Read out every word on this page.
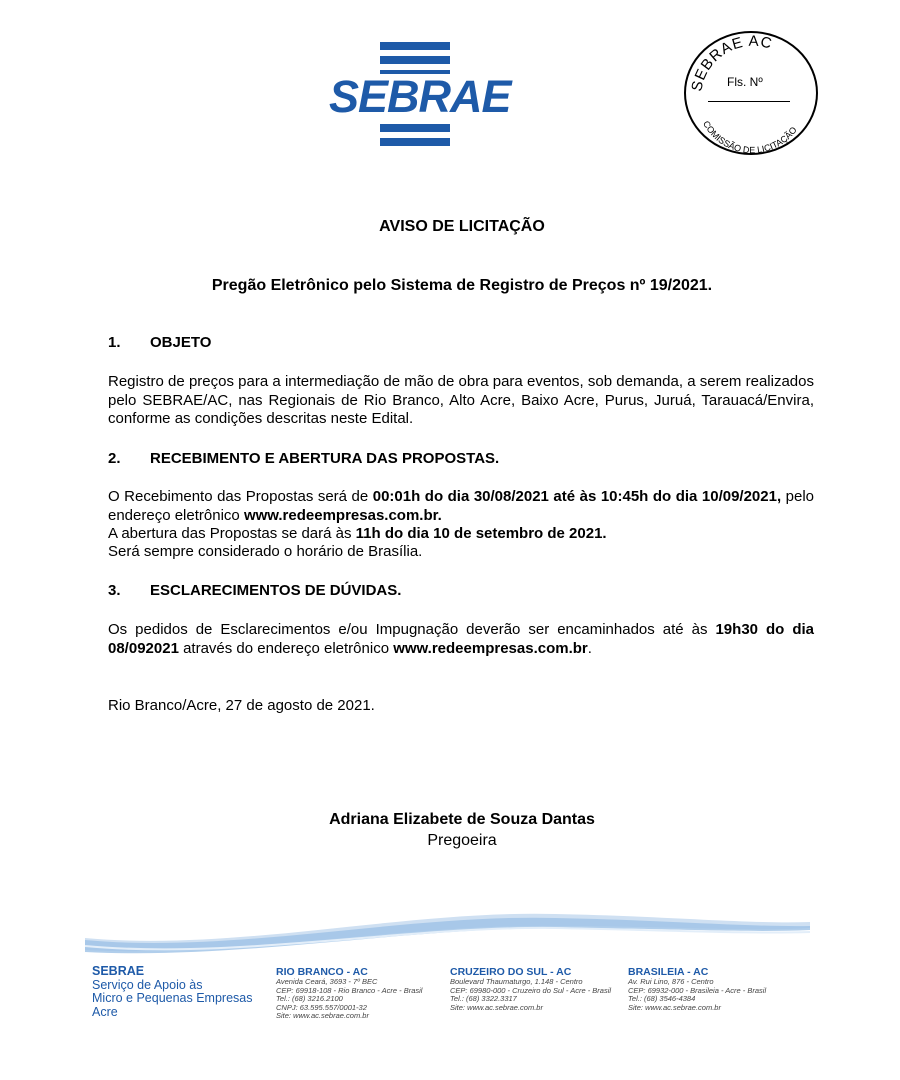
SEBRAE	SEBRAE AC
COMISSÃO DE LICITAÇÃO
Fls. Nº
AVISO DE LICITAÇÃO
Pregão Eletrônico pelo Sistema de Registro de Preços nº 19/2021.
1. OBJETO
Registro de preços para a intermediação de mão de obra para eventos, sob demanda, a serem realizados pelo SEBRAE/AC, nas Regionais de Rio Branco, Alto Acre, Baixo Acre, Purus, Juruá, Tarauacá/Envira, conforme as condições descritas neste Edital.
2. RECEBIMENTO E ABERTURA DAS PROPOSTAS.
O Recebimento das Propostas será de 00:01h do dia 30/08/2021 até às 10:45h do dia 10/09/2021, pelo endereço eletrônico www.redeempresas.com.br.
A abertura das Propostas se dará às 11h do dia 10 de setembro de 2021.
Será sempre considerado o horário de Brasília.
3. ESCLARECIMENTOS DE DÚVIDAS.
Os pedidos de Esclarecimentos e/ou Impugnação deverão ser encaminhados até às 19h30 do dia 08/092021 através do endereço eletrônico www.redeempresas.com.br.
Rio Branco/Acre, 27 de agosto de 2021.
Adriana Elizabete de Souza Dantas
Pregoeira
SEBRAE
Serviço de Apoio às
Micro e Pequenas Empresas
Acre
RIO BRANCO - AC
Avenida Ceará, 3693 - 7º BEC
CEP: 69918-108 - Rio Branco - Acre - Brasil
Tel.: (68) 3216.2100
CNPJ: 63.595.557/0001-32
Site: www.ac.sebrae.com.br
CRUZEIRO DO SUL - AC
Boulevard Thaumaturgo, 1.148 - Centro
CEP: 69980-000 - Cruzeiro do Sul - Acre - Brasil
Tel.: (68) 3322.3317
Site: www.ac.sebrae.com.br
BRASILEIA - AC
Av. Rui Lino, 876 - Centro
CEP: 69932-000 - Brasileia - Acre - Brasil
Tel.: (68) 3546-4384
Site: www.ac.sebrae.com.br
